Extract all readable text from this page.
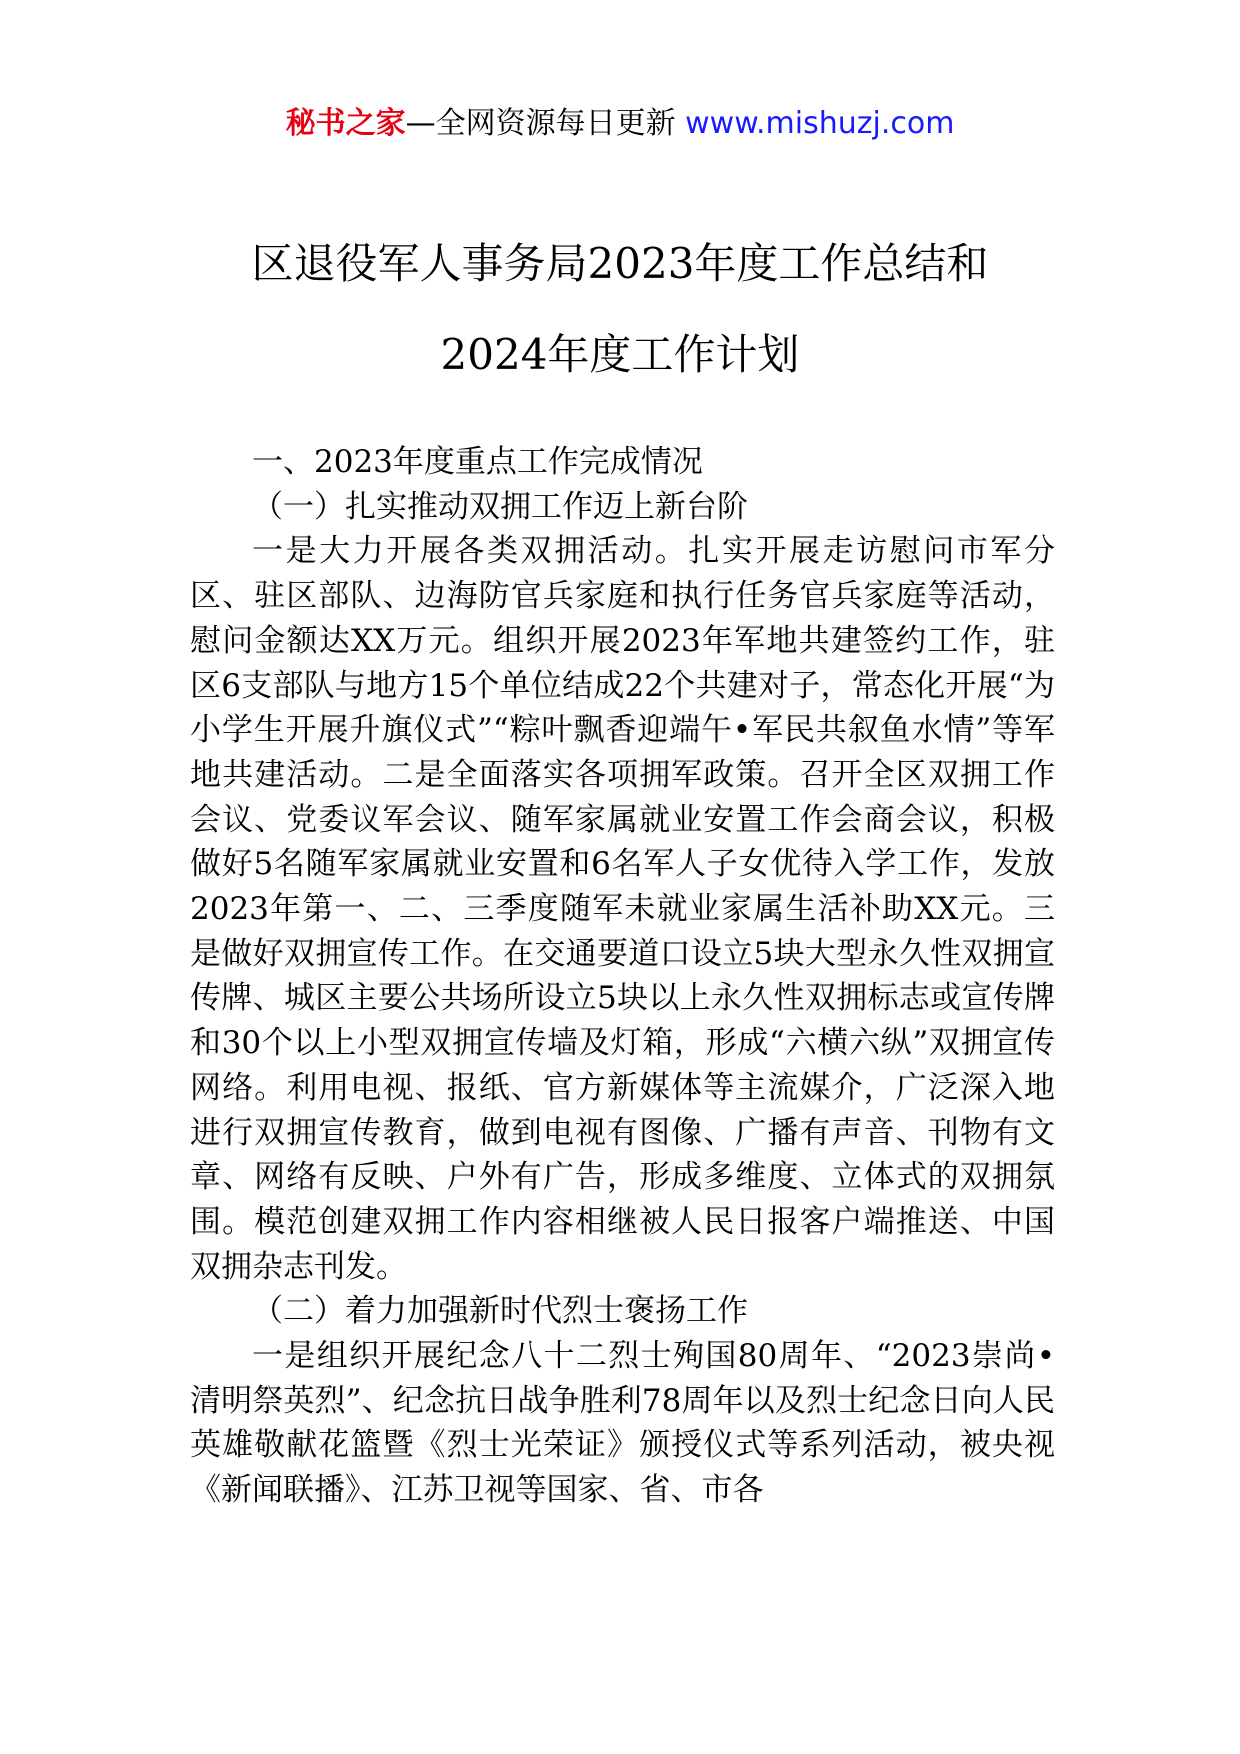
秘书之家—全网资源每日更新 www.mishuzj.com
区退役军人事务局2023年度工作总结和
2024年度工作计划

一、2023年度重点工作完成情况

（一）扎实推动双拥工作迈上新台阶

一是大力开展各类双拥活动。扎实开展走访慰问市军分区、驻区部队、边海防官兵家庭和执行任务官兵家庭等活动，慰问金额达XX万元。组织开展2023年军地共建签约工作，驻区6支部队与地方15个单位结成22个共建对子，常态化开展“为小学生开展升旗仪式”“粽叶飘香迎端午•军民共叙鱼水情”等军地共建活动。二是全面落实各项拥军政策。召开全区双拥工作会议、党委议军会议、随军家属就业安置工作会商会议，积极做好5名随军家属就业安置和6名军人子女优待入学工作，发放2023年第一、二、三季度随军未就业家属生活补助XX元。三是做好双拥宣传工作。在交通要道口设立5块大型永久性双拥宣传牌、城区主要公共场所设立5块以上永久性双拥标志或宣传牌和30个以上小型双拥宣传墙及灯箱，形成“六横六纵”双拥宣传网络。利用电视、报纸、官方新媒体等主流媒介，广泛深入地进行双拥宣传教育，做到电视有图像、广播有声音、刊物有文章、网络有反映、户外有广告，形成多维度、立体式的双拥氛围。模范创建双拥工作内容相继被人民日报客户端推送、中国双拥杂志刊发。

（二）着力加强新时代烈士褒扬工作

一是组织开展纪念八十二烈士殉国80周年、“2023崇尚•清明祭英烈”、纪念抗日战争胜利78周年以及烈士纪念日向人民英雄敬献花篮暨《烈士光荣证》颁授仪式等系列活动，被央视《新闻联播》、江苏卫视等国家、省、市各
